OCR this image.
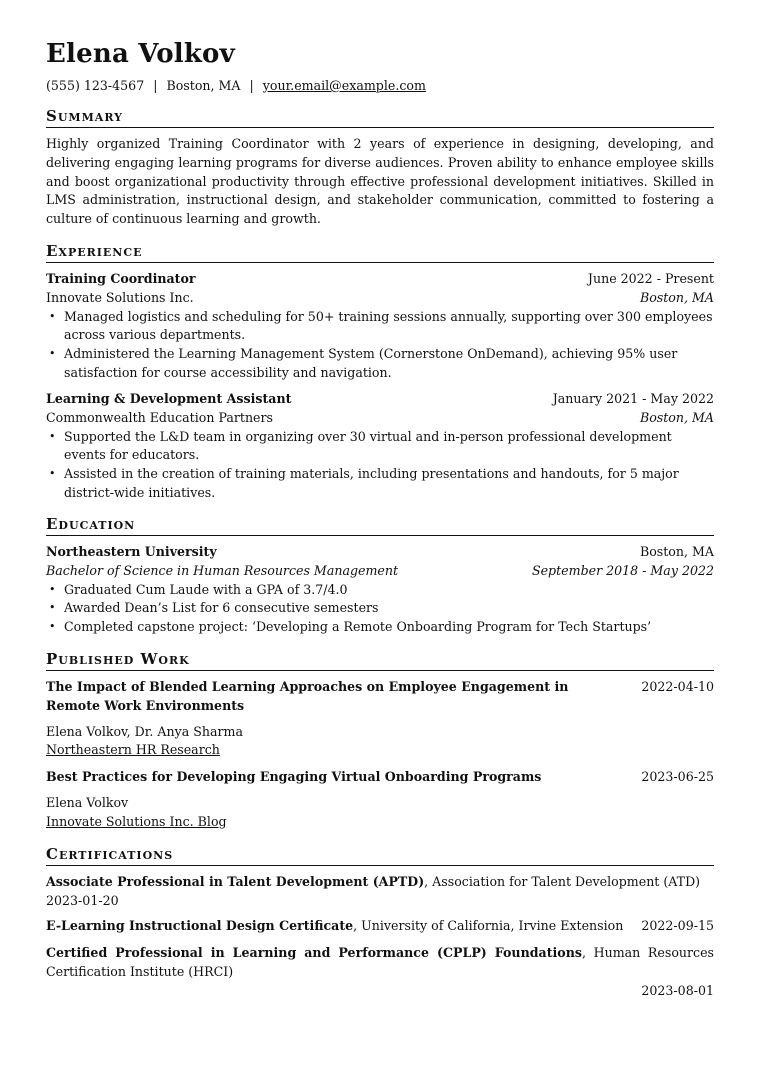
Elena Volkov
(555) 123-4567 | Boston, MA | your.email@example.com
Summary

Highly organized Training Coordinator with 2 years of experience in designing, developing, and delivering engaging learning programs for diverse audiences. Proven ability to enhance employee skills and boost organizational productivity through effective professional development initiatives. Skilled in LMS administration, instructional design, and stakeholder communication, committed to fostering a culture of continuous learning and growth.

Experience
Training Coordinator	June 2022 - Present
Innovate Solutions Inc.	Boston, MA
• Managed logistics and scheduling for 50+ training sessions annually, supporting over 300 employees across various departments.
• Administered the Learning Management System (Cornerstone OnDemand), achieving 95% user satisfaction for course accessibility and navigation.
Learning & Development Assistant	January 2021 - May 2022
Commonwealth Education Partners	Boston, MA
• Supported the L&D team in organizing over 30 virtual and in-person professional development events for educators.
• Assisted in the creation of training materials, including presentations and handouts, for 5 major district-wide initiatives.
Education
Northeastern University	Boston, MA
Bachelor of Science in Human Resources Management	September 2018 - May 2022
• Graduated Cum Laude with a GPA of 3.7/4.0
• Awarded Dean’s List for 6 consecutive semesters
• Completed capstone project: ‘Developing a Remote Onboarding Program for Tech Startups’
Published Work
The Impact of Blended Learning Approaches on Employee Engagement in Remote Work Environments
2022-04-10
Elena Volkov, Dr. Anya Sharma
Northeastern HR Research
Best Practices for Developing Engaging Virtual Onboarding Programs	2023-06-25
Elena Volkov
Innovate Solutions Inc. Blog
Certifications
Associate Professional in Talent Development (APTD), Association for Talent Development (ATD)
2023-01-20
E-Learning Instructional Design Certificate, University of California, Irvine Extension 2022-09-15
Certified Professional in Learning and Performance (CPLP) Foundations, Human Resources Certification Institute (HRCI)
2023-08-01
